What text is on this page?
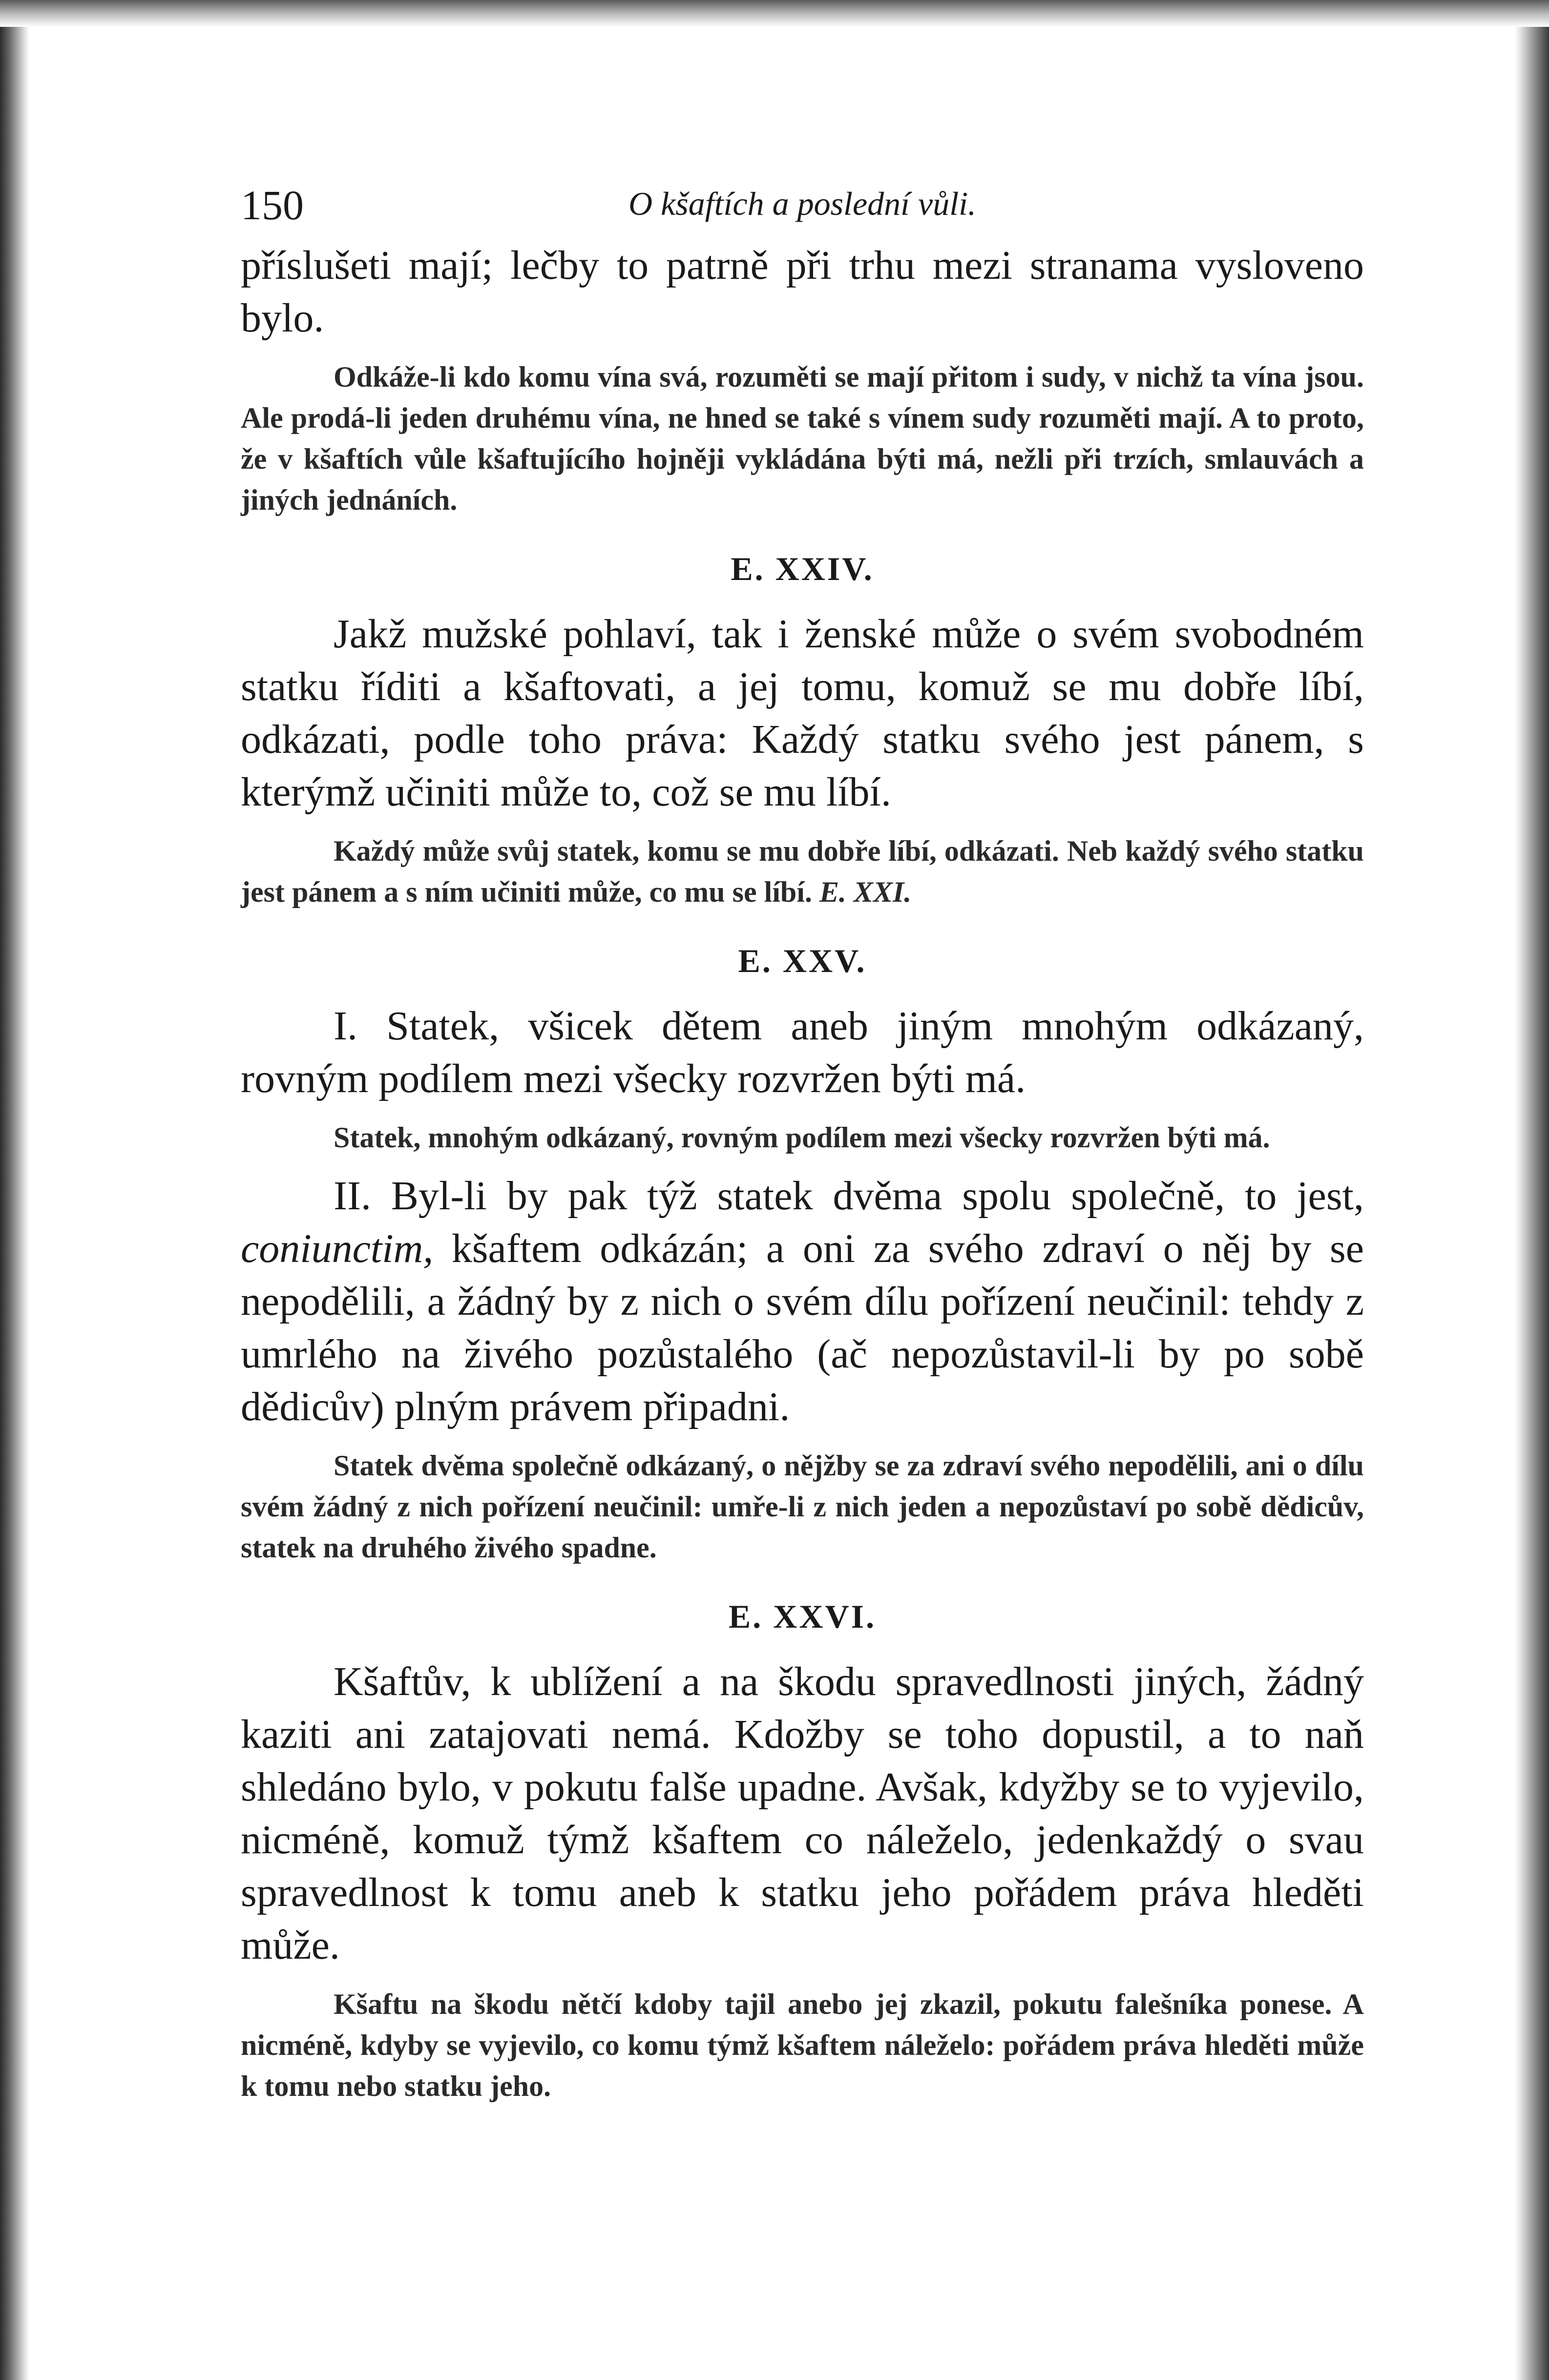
150	O kšaftích a poslední vůli.

příslušeti mají; lečby to patrně při trhu mezi stranama vysloveno bylo.

Odkáže-li kdo komu vína svá, rozuměti se mají přitom i sudy, v nichž ta vína jsou. Ale prodá-li jeden druhému vína, ne hned se také s vínem sudy rozuměti mají. A to proto, že v kšaftích vůle kšaftujícího hojněji vykládána býti má, nežli při trzích, smlauvách a jiných jednáních.

E. XXIV.

Jakž mužské pohlaví, tak i ženské může o svém svobodném statku říditi a kšaftovati, a jej tomu, komuž se mu dobře líbí, odkázati, podle toho práva: Každý statku svého jest pánem, s kterýmž učiniti může to, což se mu líbí.

Každý může svůj statek, komu se mu dobře líbí, odkázati. Neb každý svého statku jest pánem a s ním učiniti může, co mu se líbí. E. XXI.

E. XXV.

I. Statek, všicek dětem aneb jiným mnohým odkázaný, rovným podílem mezi všecky rozvržen býti má.

Statek, mnohým odkázaný, rovným podílem mezi všecky rozvržen býti má.

II. Byl-li by pak týž statek dvěma spolu společně, to jest, coniunctim, kšaftem odkázán; a oni za svého zdraví o něj by se nepodělili, a žádný by z nich o svém dílu pořízení neučinil: tehdy z umrlého na živého pozůstalého (ač nepozůstavil-li by po sobě dědicův) plným právem připadni.

Statek dvěma společně odkázaný, o nějžby se za zdraví svého nepodělili, ani o dílu svém žádný z nich pořízení neučinil: umře-li z nich jeden a nepozůstaví po sobě dědicův, statek na druhého živého spadne.

E. XXVI.

Kšaftův, k ublížení a na škodu spravedlnosti jiných, žádný kaziti ani zatajovati nemá. Kdožby se toho dopustil, a to naň shledáno bylo, v pokutu falše upadne. Avšak, kdyžby se to vyjevilo, nicméně, komuž týmž kšaftem co náleželo, jedenkaždý o svau spravedlnost k tomu aneb k statku jeho pořádem práva hleděti může.

Kšaftu na škodu nětčí kdoby tajil anebo jej zkazil, pokutu falešníka ponese. A nicméně, kdyby se vyjevilo, co komu týmž kšaftem náleželo: pořádem práva hleděti může k tomu nebo statku jeho.
